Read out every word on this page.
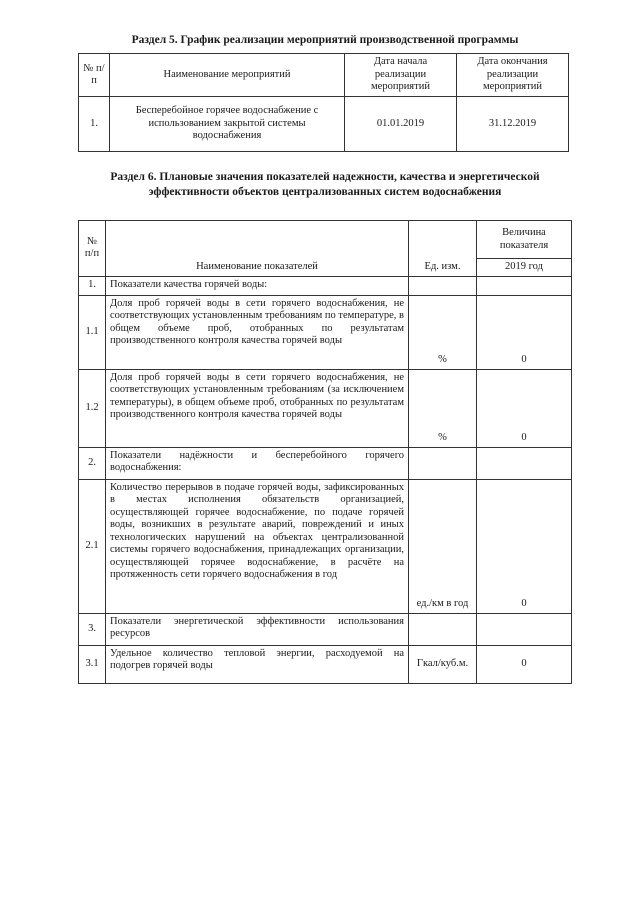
Раздел 5. График реализации мероприятий производственной программы
№ п/п	Наименование мероприятий	Дата начала реализации мероприятий	Дата окончания реализации мероприятий
1.	Бесперебойное горячее водоснабжение с использованием закрытой системы водоснабжения	01.01.2019	31.12.2019
Раздел 6. Плановые значения показателей надежности, качества и энергетической эффективности объектов централизованных систем водоснабжения
№ п/п	Наименование показателей	Ед. изм.	Величина показателя
			2019 год
1.	Показатели качества горячей воды:		
1.1	Доля проб горячей воды в сети горячего водоснабжения, не соответствующих установленным требованиям по температуре, в общем объеме проб, отобранных по результатам производственного контроля качества горячей воды	%	0
1.2	Доля проб горячей воды в сети горячего водоснабжения, не соответствующих установленным требованиям (за исключением температуры), в общем объеме проб, отобранных по результатам производственного контроля качества горячей воды	%	0
2.	Показатели надёжности и бесперебойного горячего водоснабжения:		
2.1	Количество перерывов в подаче горячей воды, зафиксированных в местах исполнения обязательств организацией, осуществляющей горячее водоснабжение, по подаче горячей воды, возникших в результате аварий, повреждений и иных технологических нарушений на объектах централизованной системы горячего водоснабжения, принадлежащих организации, осуществляющей горячее водоснабжение, в расчёте на протяженность сети горячего водоснабжения в год	ед./км в год	0
3.	Показатели энергетической эффективности использования ресурсов		
3.1	Удельное количество тепловой энергии, расходуемой на подогрев горячей воды	Гкал/куб.м.	0
